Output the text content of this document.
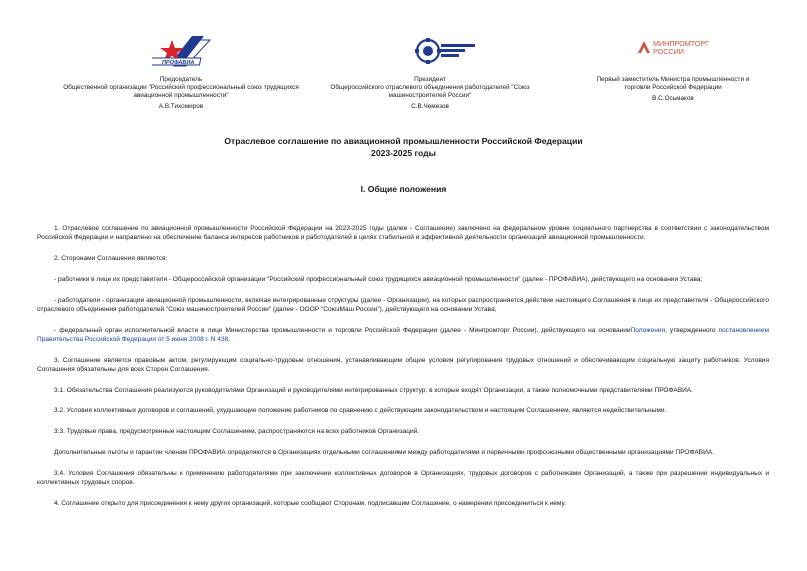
ПРОФАВИА
Председатель
Общественной организации "Российский профессиональный союз трудящихся авиационной промышленности"
А.В.Тихомиров
Президент
Общероссийского отраслевого объединения работодателей "Союз машиностроителей России"
С.В.Чемезов
МИНПРОМТОРГ
РОССИИ
Первый заместитель Министра промышленности и торговли Российской Федерации
В.С.Осьмаков
Отраслевое соглашение по авиационной промышленности Российской Федерации
2023-2025 годы
I. Общие положения

1. Отраслевое соглашение по авиационной промышленности Российской Федерации на 2023-2025 годы (далее - Соглашение) заключено на федеральном уровне социального партнерства в соответствии с законодательством Российской Федерации и направлено на обеспечение баланса интересов работников и работодателей в целях стабильной и эффективной деятельности организаций авиационной промышленности.

2. Сторонами Соглашения являются:

- работники в лице их представителя - Общероссийской организации "Российский профессиональный союз трудящихся авиационной промышленности" (далее - ПРОФАВИА), действующего на основании Устава;

- работодатели - организации авиационной промышленности, включая интегрированные структуры (далее - Организации), на которых распространяется действие настоящего Соглашения в лице их представителя - Общероссийского отраслевого объединения работодателей "Союз машиностроителей России" (далее - ОООР "СоюзМаш России"), действующего на основании Устава;

- федеральный орган исполнительной власти в лице Министерства промышленности и торговли Российской Федерации (далее - Минпромторг России), действующего на основанииПоложения, утвержденного постановлением Правительства Российской Федерации от 5 июня 2008 г. N 438.

3. Соглашение является правовым актом, регулирующим социально-трудовые отношения, устанавливающим общие условия регулирования трудовых отношений и обеспечивающим социальную защиту работников. Условия Соглашения обязательны для всех Сторон Соглашения.

3.1. Обязательства Соглашения реализуются руководителями Организаций и руководителями интегрированных структур, в которые входят Организации, а также полномочными представителями ПРОФАВИА.

3.2. Условия коллективных договоров и соглашений, ухудшающие положение работников по сравнению с действующим законодательством и настоящим Соглашением, являются недействительными.

3.3. Трудовые права, предусмотренные настоящим Соглашением, распространяются на всех работников Организаций.

Дополнительные льготы и гарантии членам ПРОФАВИА определяются в Организациях отдельными соглашениями между работодателями и первичными профсоюзными общественными организациями ПРОФАВИА.

3.4. Условия Соглашения обязательны к применению работодателями при заключении коллективных договоров в Организациях, трудовых договоров с работниками Организаций, а также при разрешении индивидуальных и коллективных трудовых споров.

4. Соглашение открыто для присоединения к нему других организаций, которые сообщают Сторонам, подписавшим Соглашение, о намерении присоединиться к нему.
